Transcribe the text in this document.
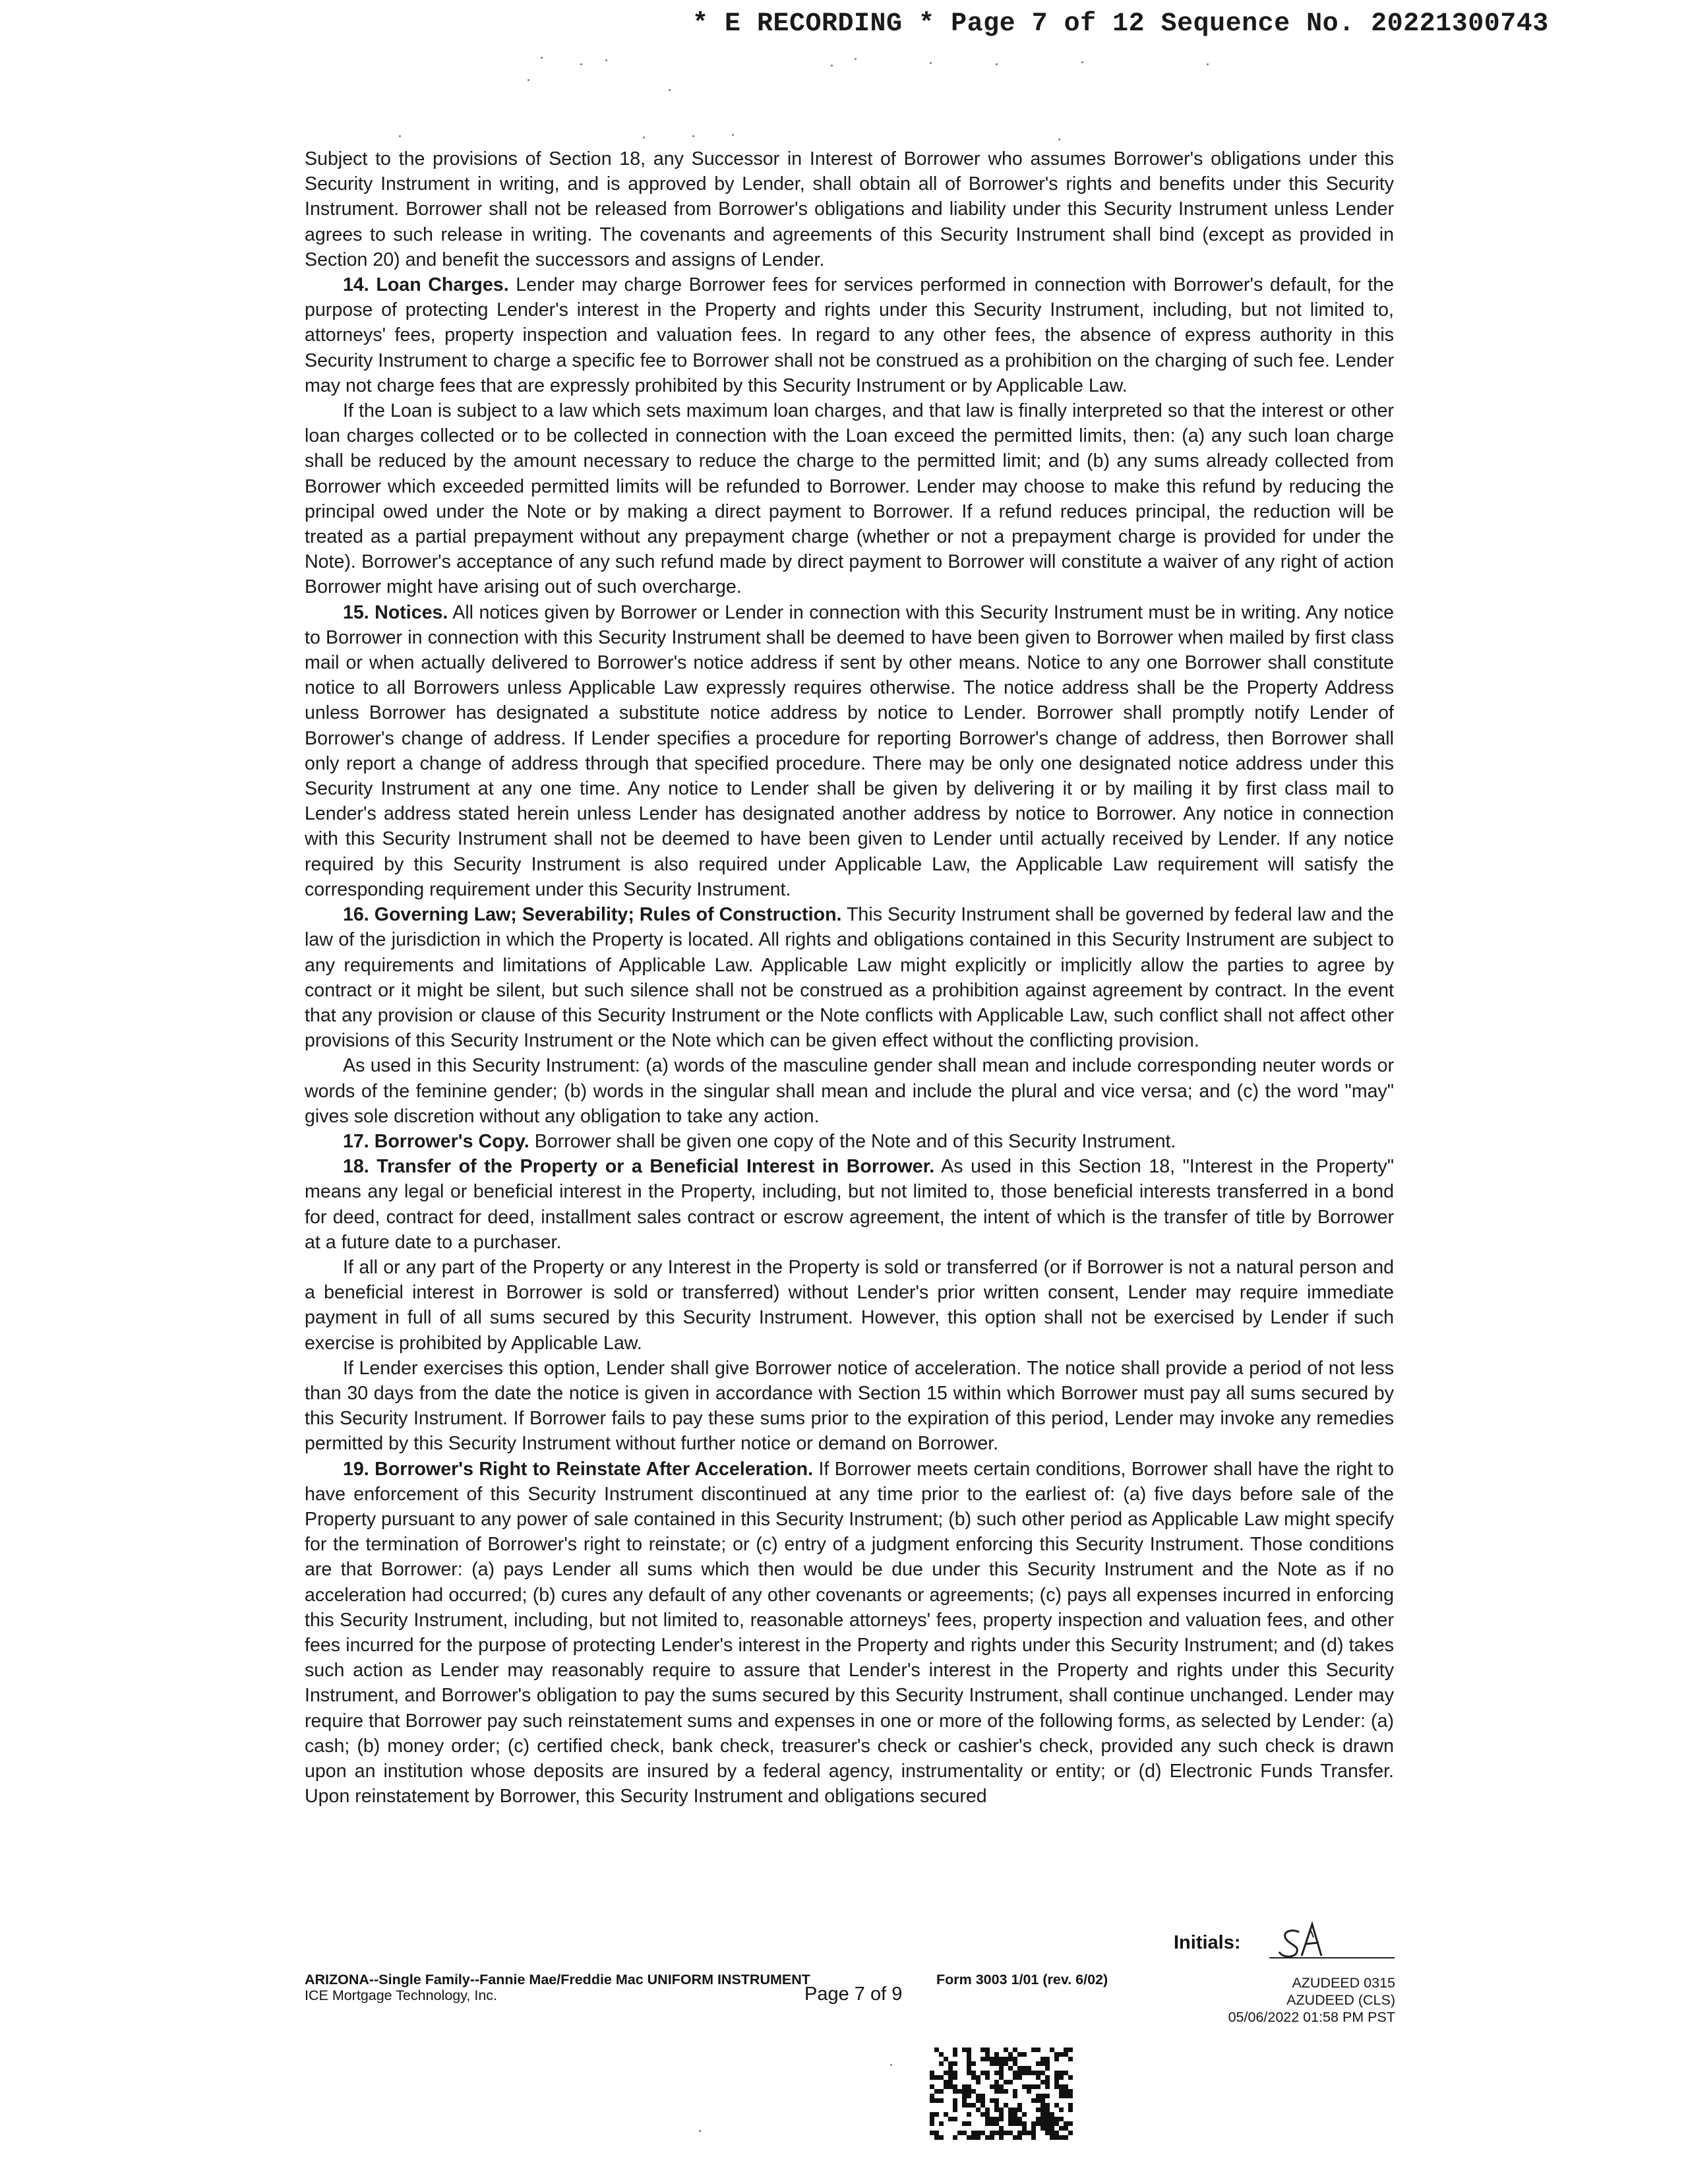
* E RECORDING * Page 7 of 12 Sequence No. 20221300743

Subject to the provisions of Section 18, any Successor in Interest of Borrower who assumes Borrower's obligations under this Security Instrument in writing, and is approved by Lender, shall obtain all of Borrower's rights and benefits under this Security Instrument. Borrower shall not be released from Borrower's obligations and liability under this Security Instrument unless Lender agrees to such release in writing. The covenants and agreements of this Security Instrument shall bind (except as provided in Section 20) and benefit the successors and assigns of Lender.

14. Loan Charges. Lender may charge Borrower fees for services performed in connection with Borrower's default, for the purpose of protecting Lender's interest in the Property and rights under this Security Instrument, including, but not limited to, attorneys' fees, property inspection and valuation fees. In regard to any other fees, the absence of express authority in this Security Instrument to charge a specific fee to Borrower shall not be construed as a prohibition on the charging of such fee. Lender may not charge fees that are expressly prohibited by this Security Instrument or by Applicable Law.

If the Loan is subject to a law which sets maximum loan charges, and that law is finally interpreted so that the interest or other loan charges collected or to be collected in connection with the Loan exceed the permitted limits, then: (a) any such loan charge shall be reduced by the amount necessary to reduce the charge to the permitted limit; and (b) any sums already collected from Borrower which exceeded permitted limits will be refunded to Borrower. Lender may choose to make this refund by reducing the principal owed under the Note or by making a direct payment to Borrower. If a refund reduces principal, the reduction will be treated as a partial prepayment without any prepayment charge (whether or not a prepayment charge is provided for under the Note). Borrower's acceptance of any such refund made by direct payment to Borrower will constitute a waiver of any right of action Borrower might have arising out of such overcharge.

15. Notices. All notices given by Borrower or Lender in connection with this Security Instrument must be in writing. Any notice to Borrower in connection with this Security Instrument shall be deemed to have been given to Borrower when mailed by first class mail or when actually delivered to Borrower's notice address if sent by other means. Notice to any one Borrower shall constitute notice to all Borrowers unless Applicable Law expressly requires otherwise. The notice address shall be the Property Address unless Borrower has designated a substitute notice address by notice to Lender. Borrower shall promptly notify Lender of Borrower's change of address. If Lender specifies a procedure for reporting Borrower's change of address, then Borrower shall only report a change of address through that specified procedure. There may be only one designated notice address under this Security Instrument at any one time. Any notice to Lender shall be given by delivering it or by mailing it by first class mail to Lender's address stated herein unless Lender has designated another address by notice to Borrower. Any notice in connection with this Security Instrument shall not be deemed to have been given to Lender until actually received by Lender. If any notice required by this Security Instrument is also required under Applicable Law, the Applicable Law requirement will satisfy the corresponding requirement under this Security Instrument.

16. Governing Law; Severability; Rules of Construction. This Security Instrument shall be governed by federal law and the law of the jurisdiction in which the Property is located. All rights and obligations contained in this Security Instrument are subject to any requirements and limitations of Applicable Law. Applicable Law might explicitly or implicitly allow the parties to agree by contract or it might be silent, but such silence shall not be construed as a prohibition against agreement by contract. In the event that any provision or clause of this Security Instrument or the Note conflicts with Applicable Law, such conflict shall not affect other provisions of this Security Instrument or the Note which can be given effect without the conflicting provision.

As used in this Security Instrument: (a) words of the masculine gender shall mean and include corresponding neuter words or words of the feminine gender; (b) words in the singular shall mean and include the plural and vice versa; and (c) the word "may" gives sole discretion without any obligation to take any action.

17. Borrower's Copy. Borrower shall be given one copy of the Note and of this Security Instrument.

18. Transfer of the Property or a Beneficial Interest in Borrower. As used in this Section 18, "Interest in the Property" means any legal or beneficial interest in the Property, including, but not limited to, those beneficial interests transferred in a bond for deed, contract for deed, installment sales contract or escrow agreement, the intent of which is the transfer of title by Borrower at a future date to a purchaser.

If all or any part of the Property or any Interest in the Property is sold or transferred (or if Borrower is not a natural person and a beneficial interest in Borrower is sold or transferred) without Lender's prior written consent, Lender may require immediate payment in full of all sums secured by this Security Instrument. However, this option shall not be exercised by Lender if such exercise is prohibited by Applicable Law.

If Lender exercises this option, Lender shall give Borrower notice of acceleration. The notice shall provide a period of not less than 30 days from the date the notice is given in accordance with Section 15 within which Borrower must pay all sums secured by this Security Instrument. If Borrower fails to pay these sums prior to the expiration of this period, Lender may invoke any remedies permitted by this Security Instrument without further notice or demand on Borrower.

19. Borrower's Right to Reinstate After Acceleration. If Borrower meets certain conditions, Borrower shall have the right to have enforcement of this Security Instrument discontinued at any time prior to the earliest of: (a) five days before sale of the Property pursuant to any power of sale contained in this Security Instrument; (b) such other period as Applicable Law might specify for the termination of Borrower's right to reinstate; or (c) entry of a judgment enforcing this Security Instrument. Those conditions are that Borrower: (a) pays Lender all sums which then would be due under this Security Instrument and the Note as if no acceleration had occurred; (b) cures any default of any other covenants or agreements; (c) pays all expenses incurred in enforcing this Security Instrument, including, but not limited to, reasonable attorneys' fees, property inspection and valuation fees, and other fees incurred for the purpose of protecting Lender's interest in the Property and rights under this Security Instrument; and (d) takes such action as Lender may reasonably require to assure that Lender's interest in the Property and rights under this Security Instrument, and Borrower's obligation to pay the sums secured by this Security Instrument, shall continue unchanged. Lender may require that Borrower pay such reinstatement sums and expenses in one or more of the following forms, as selected by Lender: (a) cash; (b) money order; (c) certified check, bank check, treasurer's check or cashier's check, provided any such check is drawn upon an institution whose deposits are insured by a federal agency, instrumentality or entity; or (d) Electronic Funds Transfer. Upon reinstatement by Borrower, this Security Instrument and obligations secured

Initials:
ARIZONA--Single Family--Fannie Mae/Freddie Mac UNIFORM INSTRUMENT	Form 3003 1/01 (rev. 6/02)
ICE Mortgage Technology, Inc.	Page 7 of 9
AZUDEED 0315
AZUDEED (CLS)
05/06/2022 01:58 PM PST
